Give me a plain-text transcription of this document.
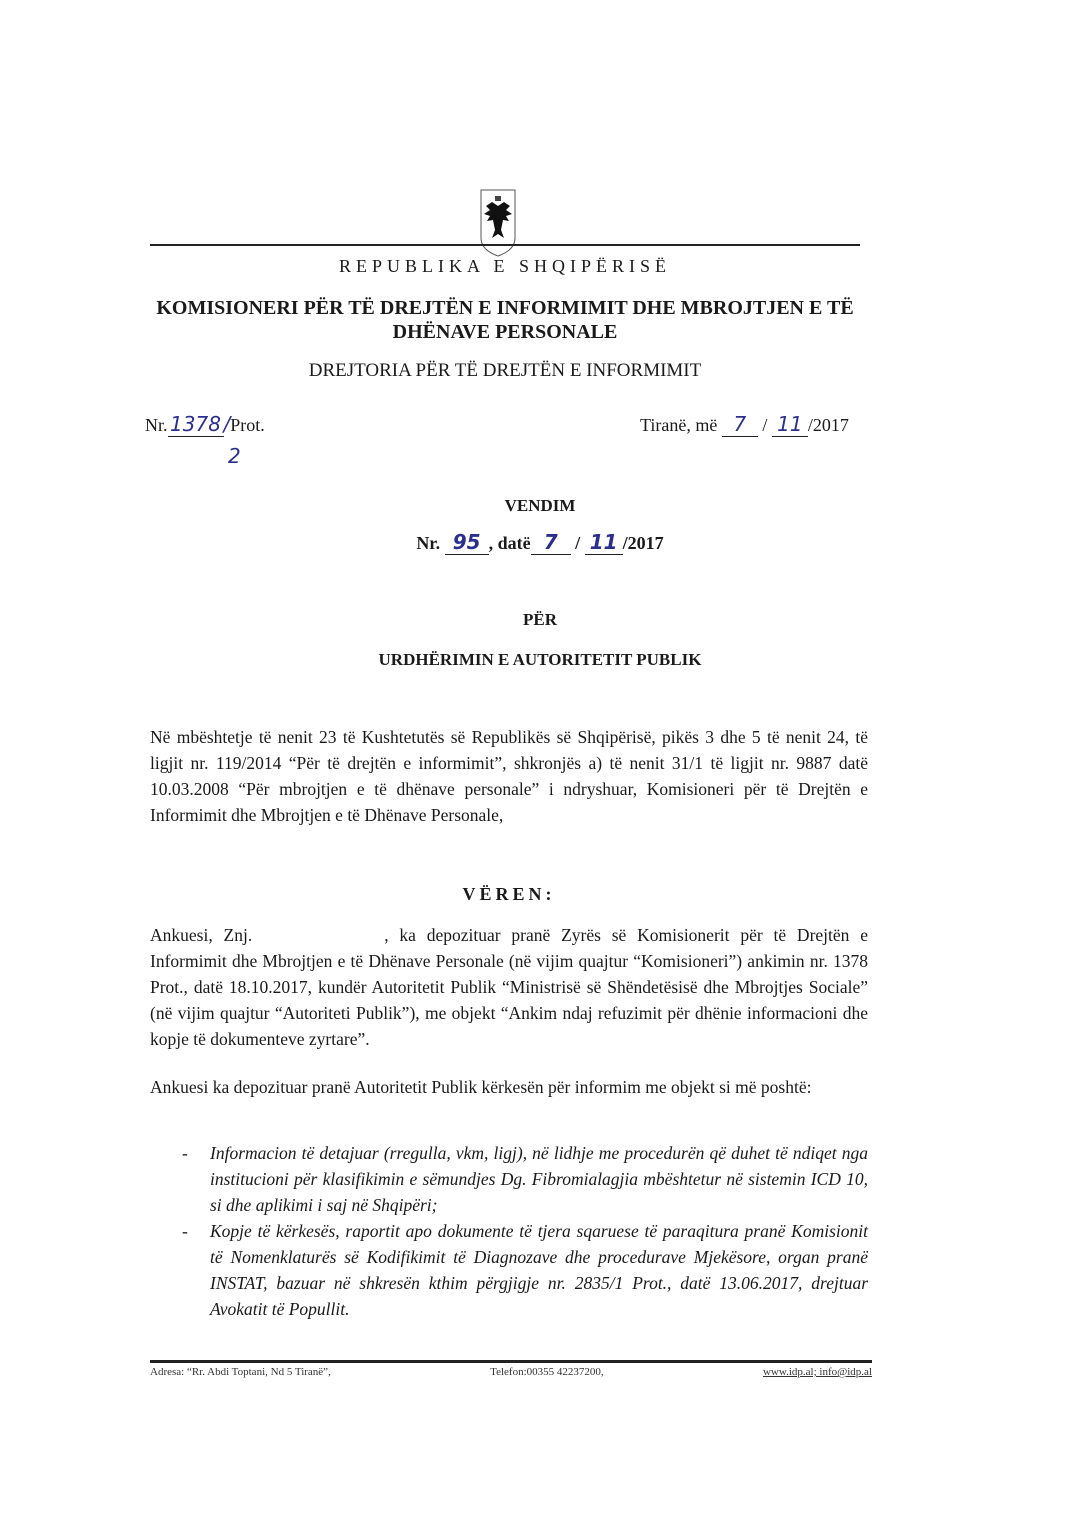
REPUBLIKA E SHQIPËRISË
KOMISIONERI PËR TË DREJTËN E INFORMIMIT DHE MBROJTJEN E TË
DHËNAVE PERSONALE
DREJTORIA PËR TË DREJTËN E INFORMIMIT
Nr. 1378 /Prot.
2
Tiranë, më 7 / 11 /2017
VENDIM
Nr. 95 , datë 7 / 11 /2017
PËR
URDHËRIMIN E AUTORITETIT PUBLIK
Në mbështetje të nenit 23 të Kushtetutës së Republikës së Shqipërisë, pikës 3 dhe 5 të nenit 24, të ligjit nr. 119/2014 “Për të drejtën e informimit”, shkronjës a) të nenit 31/1 të ligjit nr. 9887 datë 10.03.2008 “Për mbrojtjen e të dhënave personale” i ndryshuar, Komisioneri për të Drejtën e Informimit dhe Mbrojtjen e të Dhënave Personale,
VËREN:
Ankuesi, Znj.	, ka depozituar pranë Zyrës së Komisionerit për të Drejtën e Informimit dhe Mbrojtjen e të Dhënave Personale (në vijim quajtur “Komisioneri”) ankimin nr. 1378 Prot., datë 18.10.2017, kundër Autoritetit Publik “Ministrisë së Shëndetësisë dhe Mbrojtjes Sociale” (në vijim quajtur “Autoriteti Publik”), me objekt “Ankim ndaj refuzimit për dhënie informacioni dhe kopje të dokumenteve zyrtare”.
Ankuesi ka depozituar pranë Autoritetit Publik kërkesën për informim me objekt si më poshtë:
-	Informacion të detajuar (rregulla, vkm, ligj), në lidhje me procedurën që duhet të ndiqet nga institucioni për klasifikimin e sëmundjes Dg. Fibromialagjia mbështetur në sistemin ICD 10, si dhe aplikimi i saj në Shqipëri;
-	Kopje të kërkesës, raportit apo dokumente të tjera sqaruese të paraqitura pranë Komisionit të Nomenklaturës së Kodifikimit të Diagnozave dhe procedurave Mjekësore, organ pranë INSTAT, bazuar në shkresën kthim përgjigje nr. 2835/1 Prot., datë 13.06.2017, drejtuar Avokatit të Popullit.
Adresa: “Rr. Abdi Toptani, Nd 5 Tiranë”,	Telefon:00355 42237200,	www.idp.al; info@idp.al
